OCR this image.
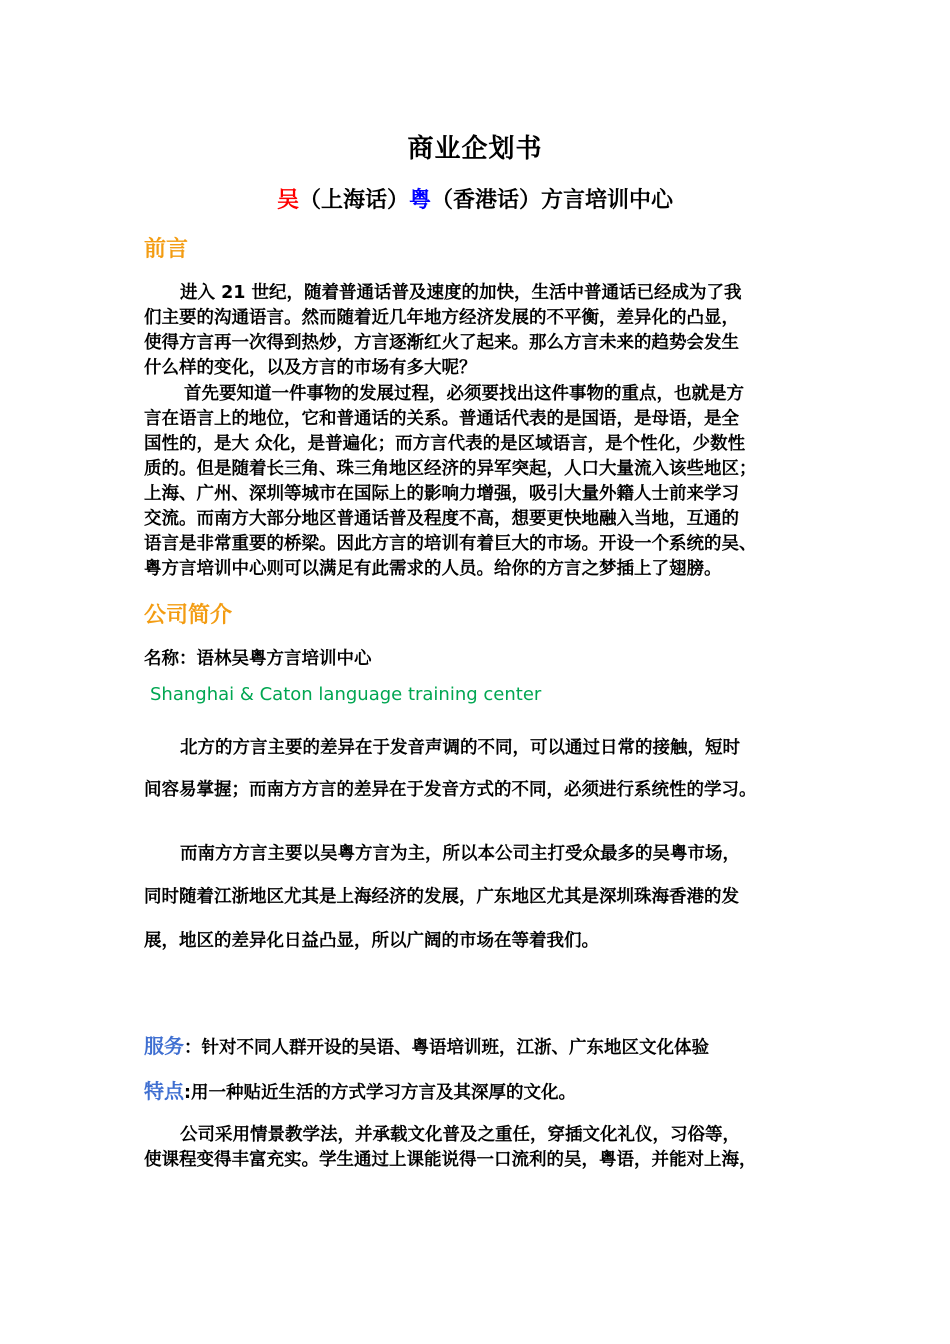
商业企划书
吴（上海话）粤（香港话）方言培训中心
前言
进入 21 世纪，随着普通话普及速度的加快，生活中普通话已经成为了我
们主要的沟通语言。然而随着近几年地方经济发展的不平衡，差异化的凸显，
使得方言再一次得到热炒，方言逐渐红火了起来。那么方言未来的趋势会发生
什么样的变化，以及方言的市场有多大呢？
首先要知道一件事物的发展过程，必须要找出这件事物的重点，也就是方
言在语言上的地位，它和普通话的关系。普通话代表的是国语，是母语，是全
国性的，是大 众化，是普遍化；而方言代表的是区域语言，是个性化，少数性
质的。但是随着长三角、珠三角地区经济的异军突起，人口大量流入该些地区；
上海、广州、深圳等城市在国际上的影响力增强，吸引大量外籍人士前来学习
交流。而南方大部分地区普通话普及程度不高，想要更快地融入当地，互通的
语言是非常重要的桥梁。因此方言的培训有着巨大的市场。开设一个系统的吴、
粤方言培训中心则可以满足有此需求的人员。给你的方言之梦插上了翅膀。
公司简介
名称：语林吴粤方言培训中心
Shanghai & Caton language training center
北方的方言主要的差异在于发音声调的不同，可以通过日常的接触，短时
间容易掌握；而南方方言的差异在于发音方式的不同，必须进行系统性的学习。
而南方方言主要以吴粤方言为主，所以本公司主打受众最多的吴粤市场，
同时随着江浙地区尤其是上海经济的发展，广东地区尤其是深圳珠海香港的发
展，地区的差异化日益凸显，所以广阔的市场在等着我们。
服务：针对不同人群开设的吴语、粤语培训班，江浙、广东地区文化体验
特点:用一种贴近生活的方式学习方言及其深厚的文化。
公司采用情景教学法，并承载文化普及之重任，穿插文化礼仪，习俗等，
使课程变得丰富充实。学生通过上课能说得一口流利的吴，粤语，并能对上海，
